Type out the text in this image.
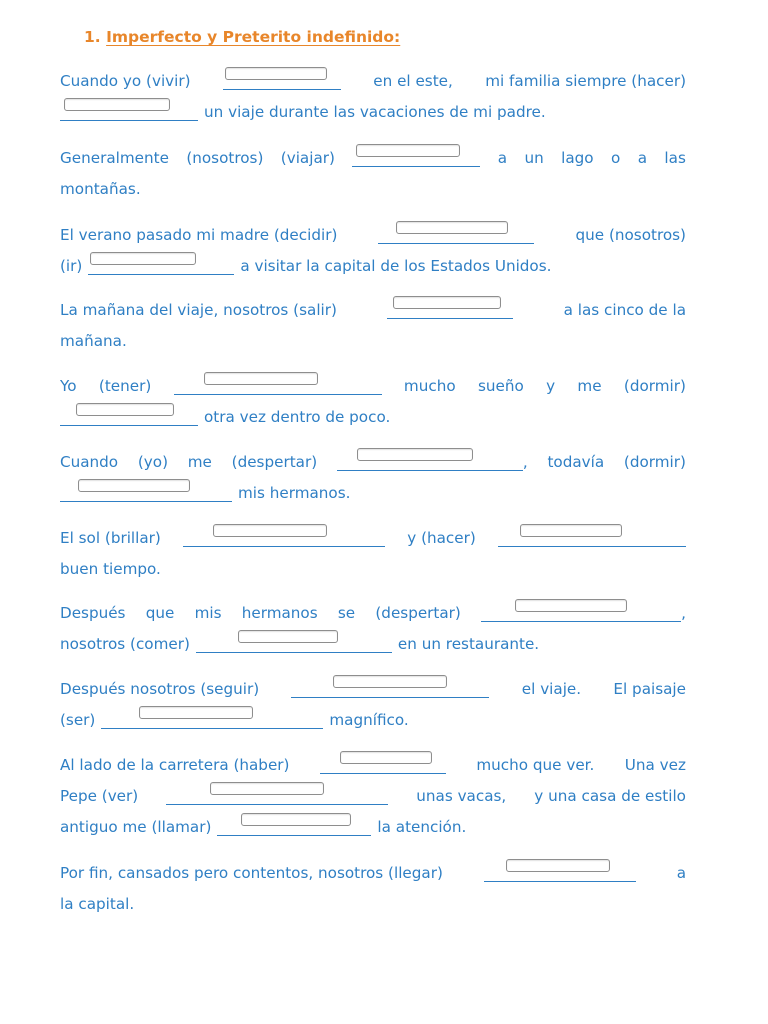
1. Imperfecto y Preterito indefinido:
Cuando yo (vivir)	en el este, mi familia siempre (hacer)
un viaje durante las vacaciones de mi padre.
Generalmente (nosotros) (viajar)	a un lago o a las
montañas.
El verano pasado mi madre (decidir)	que (nosotros)
(ir)	a visitar la capital de los Estados Unidos.
La mañana del viaje, nosotros (salir)	a las cinco de la
mañana.
Yo (tener)	mucho sueño y me (dormir)
otra vez dentro de poco.
Cuando (yo) me (despertar)	, todavía (dormir)
mis hermanos.
El sol (brillar)	y (hacer)
buen tiempo.
Después que mis hermanos se (despertar)	,
nosotros (comer)	en un restaurante.
Después nosotros (seguir)	el viaje. El paisaje
(ser)	magnífico.
Al lado de la carretera (haber)	mucho que ver. Una vez
Pepe (ver)	unas vacas, y una casa de estilo
antiguo me (llamar)	la atención.
Por fin, cansados pero contentos, nosotros (llegar)	a
la capital.
